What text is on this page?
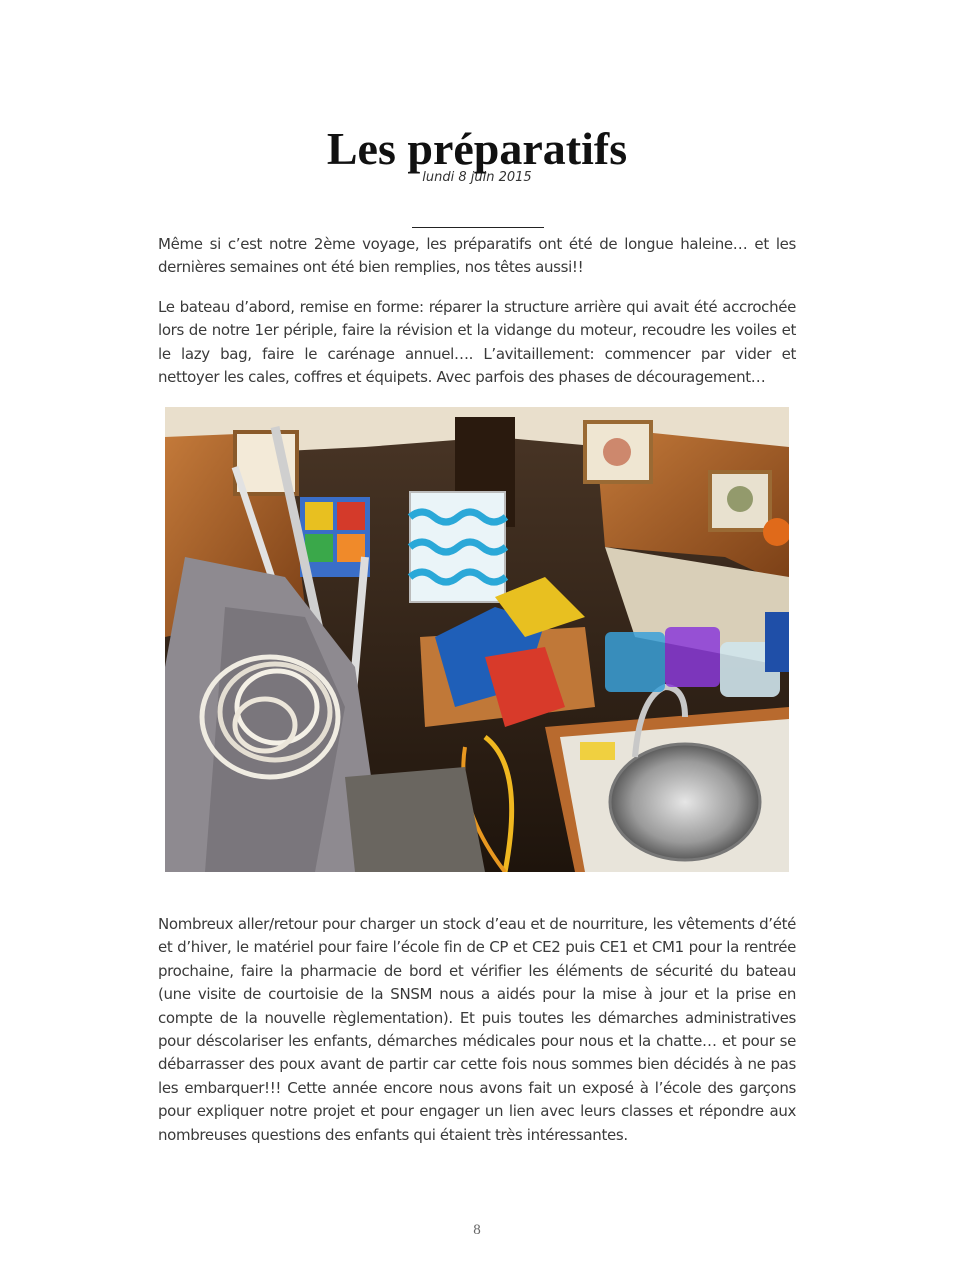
Les préparatifs
lundi 8 juin 2015

Même si c’est notre 2ème voyage, les préparatifs ont été de longue haleine… et les dernières semaines ont été bien remplies, nos têtes aussi!!

Le bateau d’abord, remise en forme: réparer la structure arrière qui avait été accrochée lors de notre 1er périple, faire la révision et la vidange du moteur, recoudre les voiles et le lazy bag, faire le carénage annuel…. L’avitaillement: commencer par vider et nettoyer les cales, coffres et équipets. Avec parfois des phases de découragement…

Nombreux aller/retour pour charger un stock d’eau et de nourriture, les vêtements d’été et d’hiver, le matériel pour faire l’école fin de CP et CE2 puis CE1 et CM1 pour la rentrée prochaine, faire la pharmacie de bord et vérifier les éléments de sécurité du bateau (une visite de courtoisie de la SNSM nous a aidés pour la mise à jour et la prise en compte de la nouvelle règlementation). Et puis toutes les démarches administratives pour déscolariser les enfants, démarches médicales pour nous et la chatte… et pour se débarrasser des poux avant de partir car cette fois nous sommes bien décidés à ne pas les embarquer!!! Cette année encore nous avons fait un exposé à l’école des garçons pour expliquer notre projet et pour engager un lien avec leurs classes et répondre aux nombreuses questions des enfants qui étaient très intéressantes.

8
